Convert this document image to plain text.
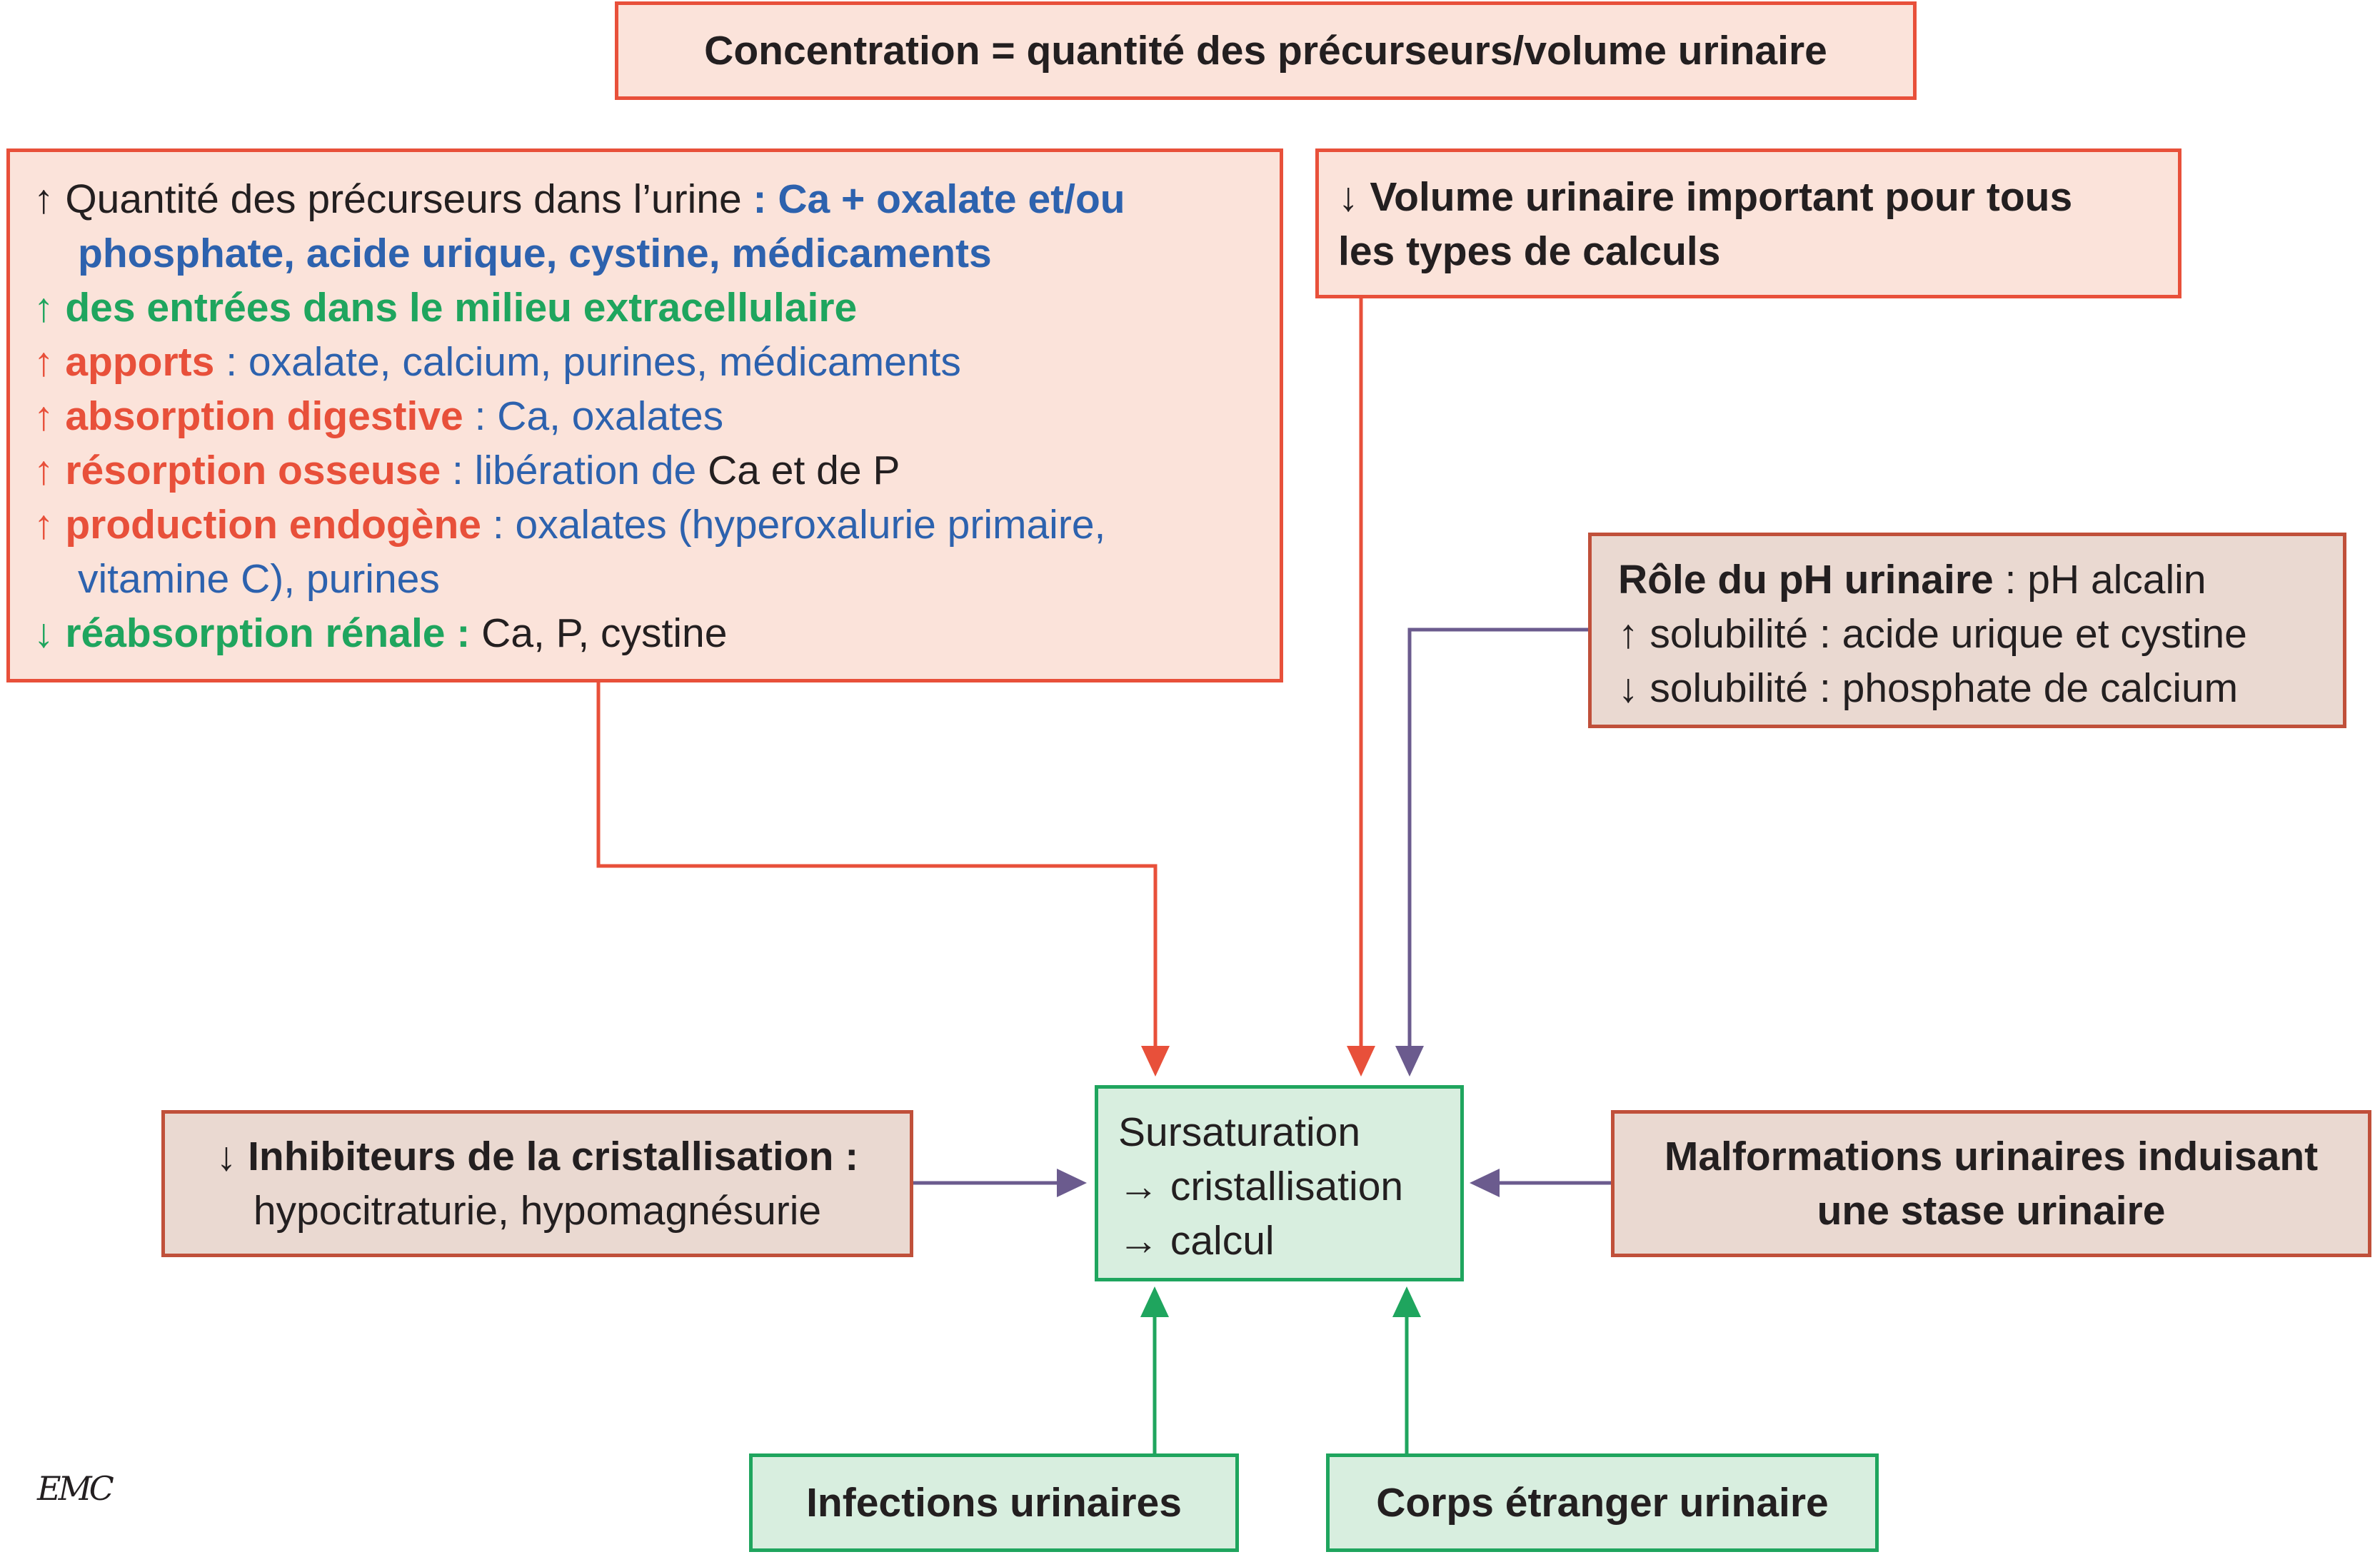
Concentration = quantité des précurseurs/volume urinaire
↑ Quantité des précurseurs dans l’urine : Ca + oxalate et/ou
phosphate, acide urique, cystine, médicaments
↑ des entrées dans le milieu extracellulaire
↑ apports : oxalate, calcium, purines, médicaments
↑ absorption digestive : Ca, oxalates
↑ résorption osseuse : libération de Ca et de P
↑ production endogène : oxalates (hyperoxalurie primaire,
vitamine C), purines
↓ réabsorption rénale : Ca, P, cystine
↓ Volume urinaire important pour tous
les types de calculs
Rôle du pH urinaire : pH alcalin
↑ solubilité : acide urique et cystine
↓ solubilité : phosphate de calcium
↓ Inhibiteurs de la cristallisation :
hypocitraturie, hypomagnésurie
Sursaturation
→ cristallisation
→ calcul
Malformations urinaires induisant
une stase urinaire
Infections urinaires	Corps étranger urinaire
EMC
